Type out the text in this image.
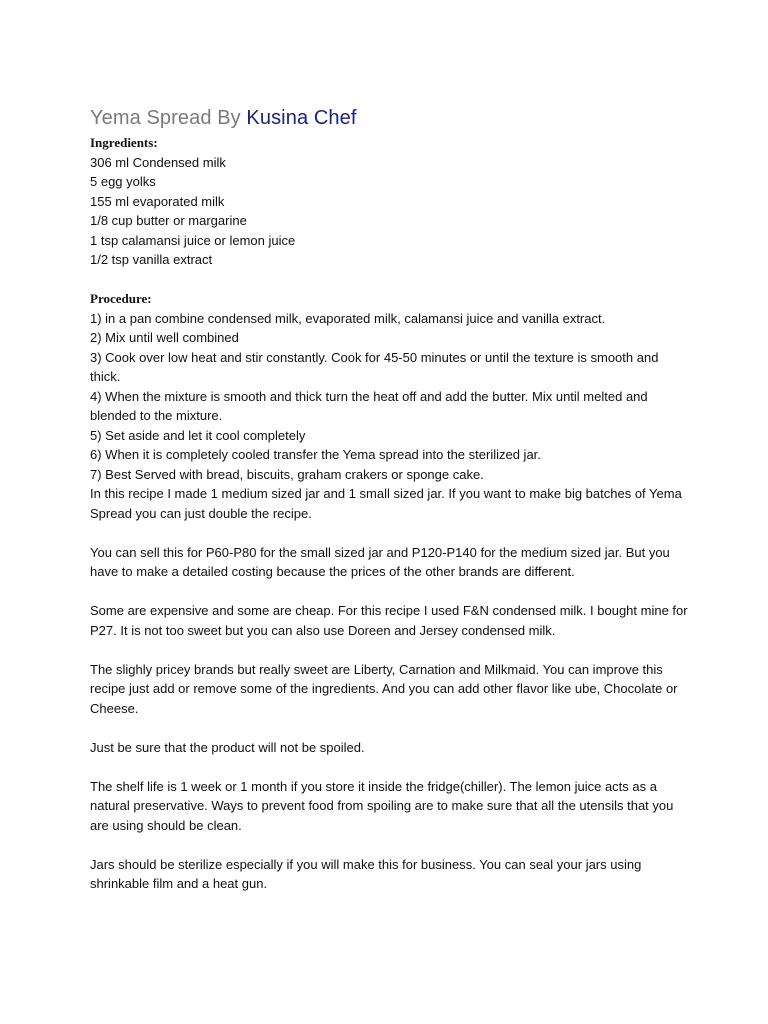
Yema Spread By Kusina Chef

Ingredients:

306 ml Condensed milk

5 egg yolks

155 ml evaporated milk

1/8 cup butter or margarine

1 tsp calamansi juice or lemon juice

1/2 tsp vanilla extract

Procedure:

1) in a pan combine condensed milk, evaporated milk, calamansi juice and vanilla extract.

2) Mix until well combined

3) Cook over low heat and stir constantly. Cook for 45-50 minutes or until the texture is smooth and thick.

4) When the mixture is smooth and thick turn the heat off and add the butter. Mix until melted and blended to the mixture.

5) Set aside and let it cool completely

6) When it is completely cooled transfer the Yema spread into the sterilized jar.

7) Best Served with bread, biscuits, graham crakers or sponge cake.

In this recipe I made 1 medium sized jar and 1 small sized jar. If you want to make big batches of Yema Spread you can just double the recipe.

You can sell this for P60-P80 for the small sized jar and P120-P140 for the medium sized jar. But you have to make a detailed costing because the prices of the other brands are different.

Some are expensive and some are cheap. For this recipe I used F&N condensed milk. I bought mine for P27. It is not too sweet but you can also use Doreen and Jersey condensed milk.

The slighly pricey brands but really sweet are Liberty, Carnation and Milkmaid. You can improve this recipe just add or remove some of the ingredients. And you can add other flavor like ube, Chocolate or Cheese.

Just be sure that the product will not be spoiled.

The shelf life is 1 week or 1 month if you store it inside the fridge(chiller). The lemon juice acts as a natural preservative. Ways to prevent food from spoiling are to make sure that all the utensils that you are using should be clean.

Jars should be sterilize especially if you will make this for business. You can seal your jars using shrinkable film and a heat gun.
